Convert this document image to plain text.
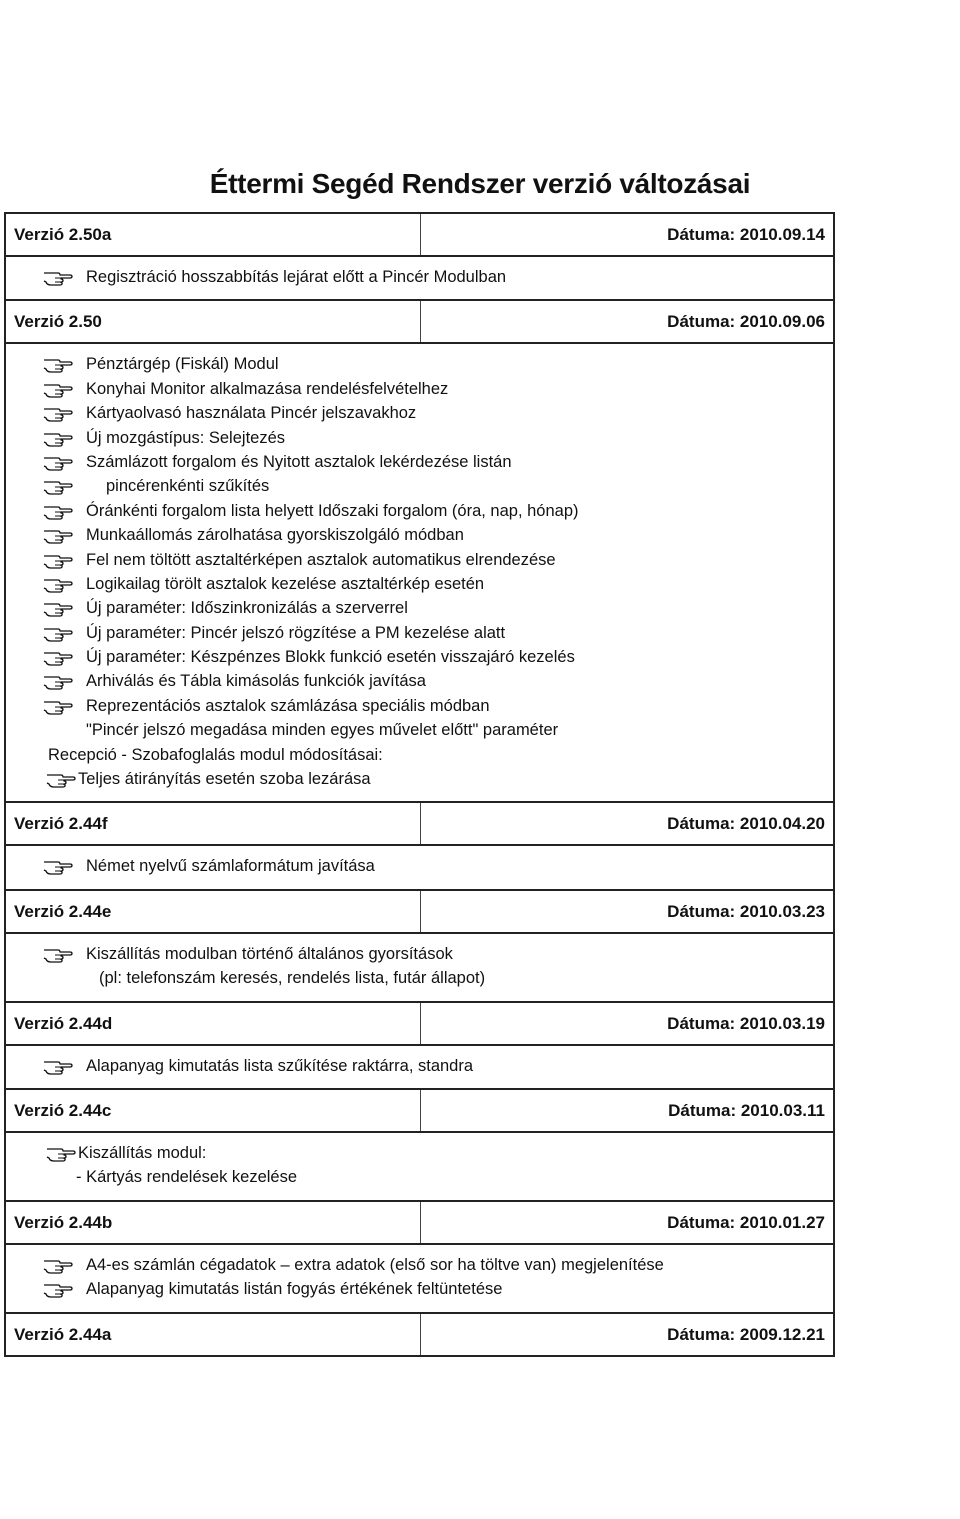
Éttermi Segéd Rendszer verzió változásai
Verzió 2.50a	Dátuma: 2010.09.14
Regisztráció hosszabbítás lejárat előtt a Pincér Modulban
Verzió 2.50	Dátuma: 2010.09.06
Pénztárgép (Fiskál) Modul
Konyhai Monitor alkalmazása rendelésfelvételhez
Kártyaolvasó használata Pincér jelszavakhoz
Új mozgástípus: Selejtezés
Számlázott forgalom és Nyitott asztalok lekérdezése listán
pincérenkénti szűkítés
Óránkénti forgalom lista helyett Időszaki forgalom (óra, nap, hónap)
Munkaállomás zárolhatása gyorskiszolgáló módban
Fel nem töltött asztaltérképen asztalok automatikus elrendezése
Logikailag törölt asztalok kezelése asztaltérkép esetén
Új paraméter: Időszinkronizálás a szerverrel
Új paraméter: Pincér jelszó rögzítése a PM kezelése alatt
Új paraméter: Készpénzes Blokk funkció esetén visszajáró kezelés
Arhiválás és Tábla kimásolás funkciók javítása
Reprezentációs asztalok számlázása speciális módban
"Pincér jelszó megadása minden egyes művelet előtt" paraméter
Recepció - Szobafoglalás modul módosításai:
Teljes átirányítás esetén szoba lezárása
Verzió 2.44f	Dátuma: 2010.04.20
Német nyelvű számlaformátum javítása
Verzió 2.44e	Dátuma: 2010.03.23
Kiszállítás modulban történő általános gyorsítások
(pl: telefonszám keresés, rendelés lista, futár állapot)
Verzió 2.44d	Dátuma: 2010.03.19
Alapanyag kimutatás lista szűkítése raktárra, standra
Verzió 2.44c	Dátuma: 2010.03.11
Kiszállítás modul:
- Kártyás rendelések kezelése
Verzió 2.44b	Dátuma: 2010.01.27
A4-es számlán cégadatok – extra adatok (első sor ha töltve van) megjelenítése
Alapanyag kimutatás listán fogyás értékének feltüntetése
Verzió 2.44a	Dátuma: 2009.12.21
